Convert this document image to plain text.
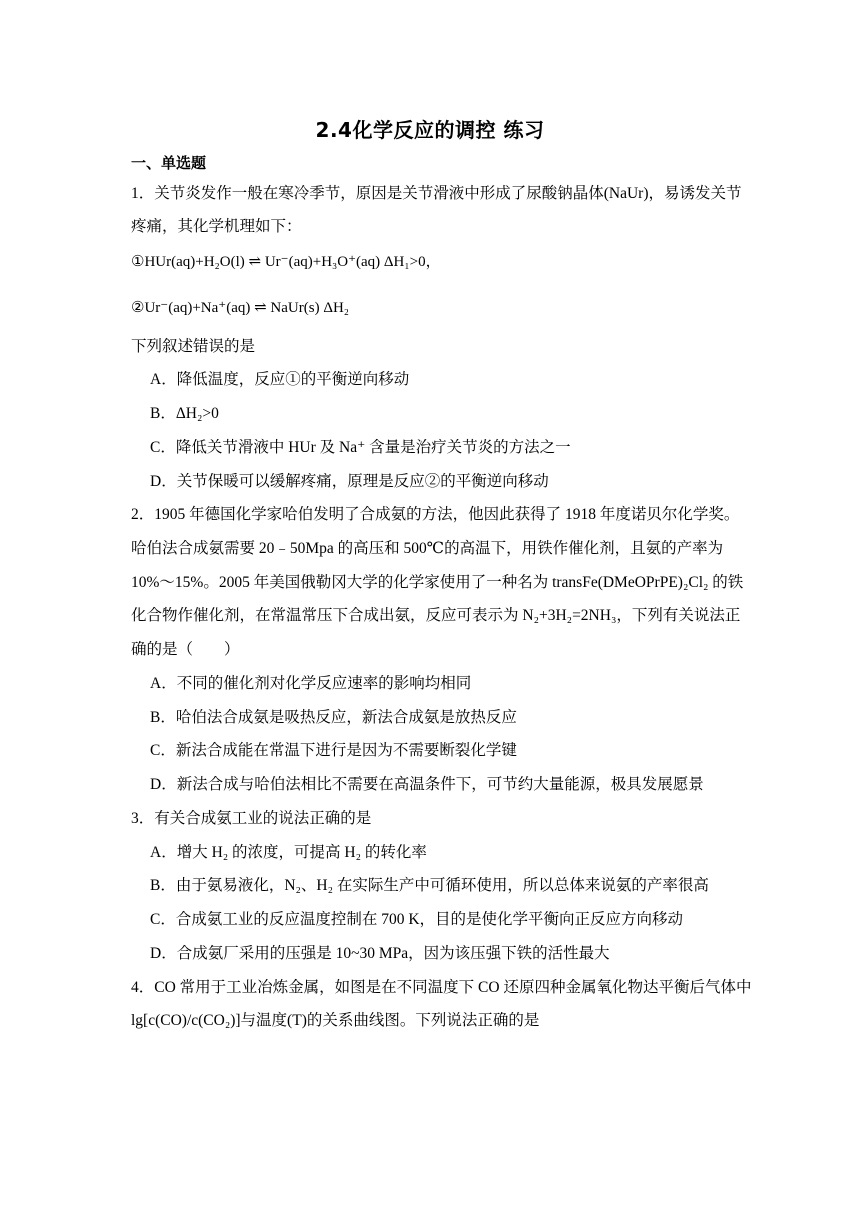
2.4化学反应的调控 练习
一、单选题
1．关节炎发作一般在寒冷季节，原因是关节滑液中形成了尿酸钠晶体(NaUr)，易诱发关节
疼痛，其化学机理如下：
①HUr(aq)+H₂O(l) ⇌ Ur⁻(aq)+H₃O⁺(aq) ΔH₁>0，
②Ur⁻(aq)+Na⁺(aq) ⇌ NaUr(s) ΔH₂
下列叙述错误的是
A．降低温度，反应①的平衡逆向移动
B．ΔH₂>0
C．降低关节滑液中 HUr 及 Na⁺ 含量是治疗关节炎的方法之一
D．关节保暖可以缓解疼痛，原理是反应②的平衡逆向移动
2．1905 年德国化学家哈伯发明了合成氨的方法，他因此获得了 1918 年度诺贝尔化学奖。
哈伯法合成氨需要 20﹣50Mpa 的高压和 500℃的高温下，用铁作催化剂，且氨的产率为
10%～15%。2005 年美国俄勒冈大学的化学家使用了一种名为 transFe(DMeOPrPE)₂Cl₂ 的铁
化合物作催化剂，在常温常压下合成出氨，反应可表示为 N₂+3H₂=2NH₃，下列有关说法正
确的是（　　）
A．不同的催化剂对化学反应速率的影响均相同
B．哈伯法合成氨是吸热反应，新法合成氨是放热反应
C．新法合成能在常温下进行是因为不需要断裂化学键
D．新法合成与哈伯法相比不需要在高温条件下，可节约大量能源，极具发展愿景
3．有关合成氨工业的说法正确的是
A．增大 H₂ 的浓度，可提高 H₂ 的转化率
B．由于氨易液化，N₂、H₂ 在实际生产中可循环使用，所以总体来说氨的产率很高
C．合成氨工业的反应温度控制在 700 K，目的是使化学平衡向正反应方向移动
D．合成氨厂采用的压强是 10~30 MPa，因为该压强下铁的活性最大
4．CO 常用于工业冶炼金属，如图是在不同温度下 CO 还原四种金属氧化物达平衡后气体中
lg[c(CO)/c(CO₂)]与温度(T)的关系曲线图。下列说法正确的是
